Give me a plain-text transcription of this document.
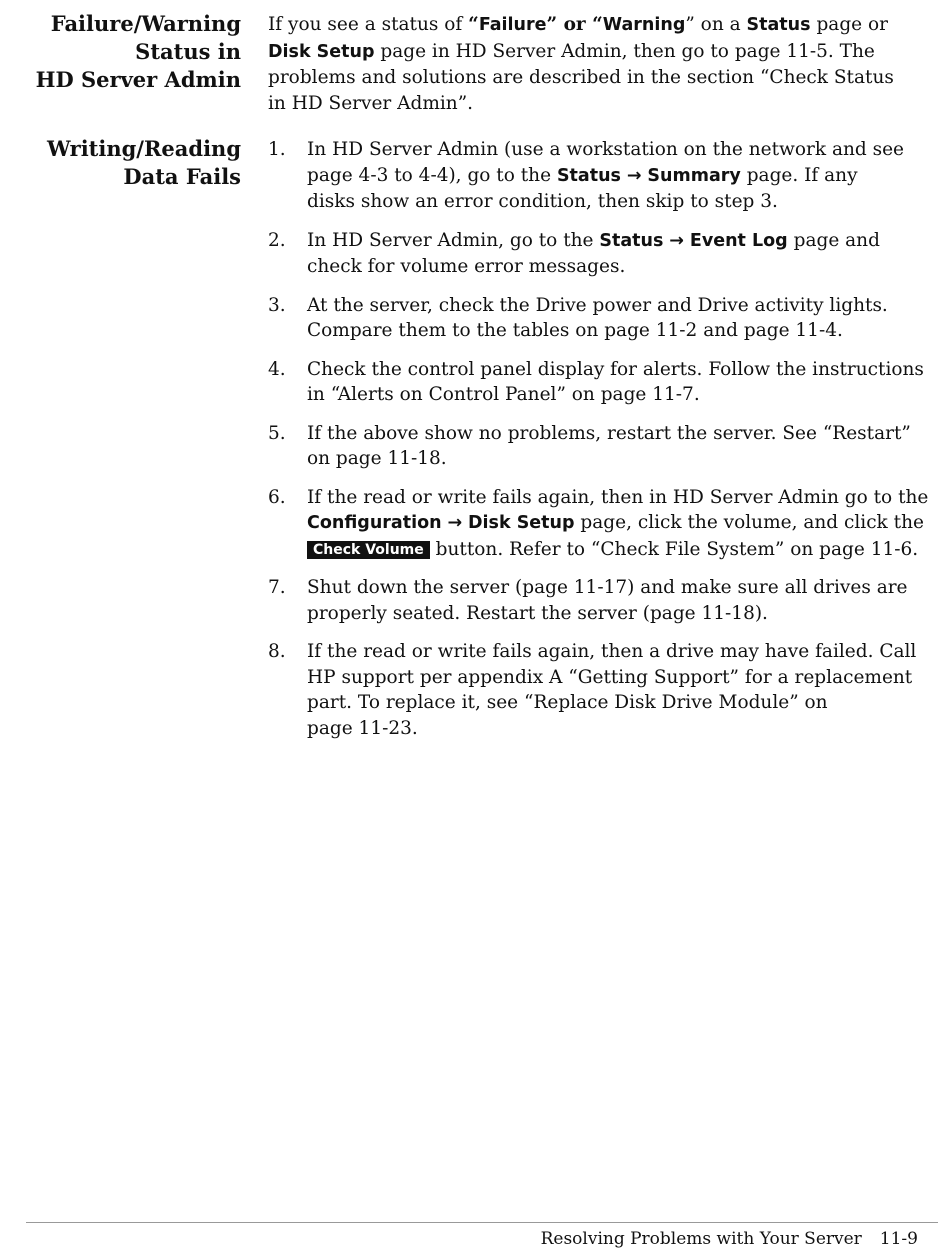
Failure/Warning
Status in
HD Server Admin

If you see a status of “Failure” or “Warning” on a Status page or
Disk Setup page in HD Server Admin, then go to page 11-5. The
problems and solutions are described in the section “Check Status
in HD Server Admin”.

Writing/Reading
Data Fails
1. In HD Server Admin (use a workstation on the network and see
page 4-3 to 4-4), go to the Status → Summary page. If any
disks show an error condition, then skip to step 3.
2. In HD Server Admin, go to the Status → Event Log page and
check for volume error messages.
3. At the server, check the Drive power and Drive activity lights.
Compare them to the tables on page 11-2 and page 11-4.
4. Check the control panel display for alerts. Follow the instructions
in “Alerts on Control Panel” on page 11-7.
5. If the above show no problems, restart the server. See “Restart”
on page 11-18.
6. If the read or write fails again, then in HD Server Admin go to the
Configuration → Disk Setup page, click the volume, and click the
Check Volume button. Refer to “Check File System” on page 11-6.
7. Shut down the server (page 11-17) and make sure all drives are
properly seated. Restart the server (page 11-18).
8. If the read or write fails again, then a drive may have failed. Call
HP support per appendix A “Getting Support” for a replacement
part. To replace it, see “Replace Disk Drive Module” on
page 11-23.
Resolving Problems with Your Server 11-9
